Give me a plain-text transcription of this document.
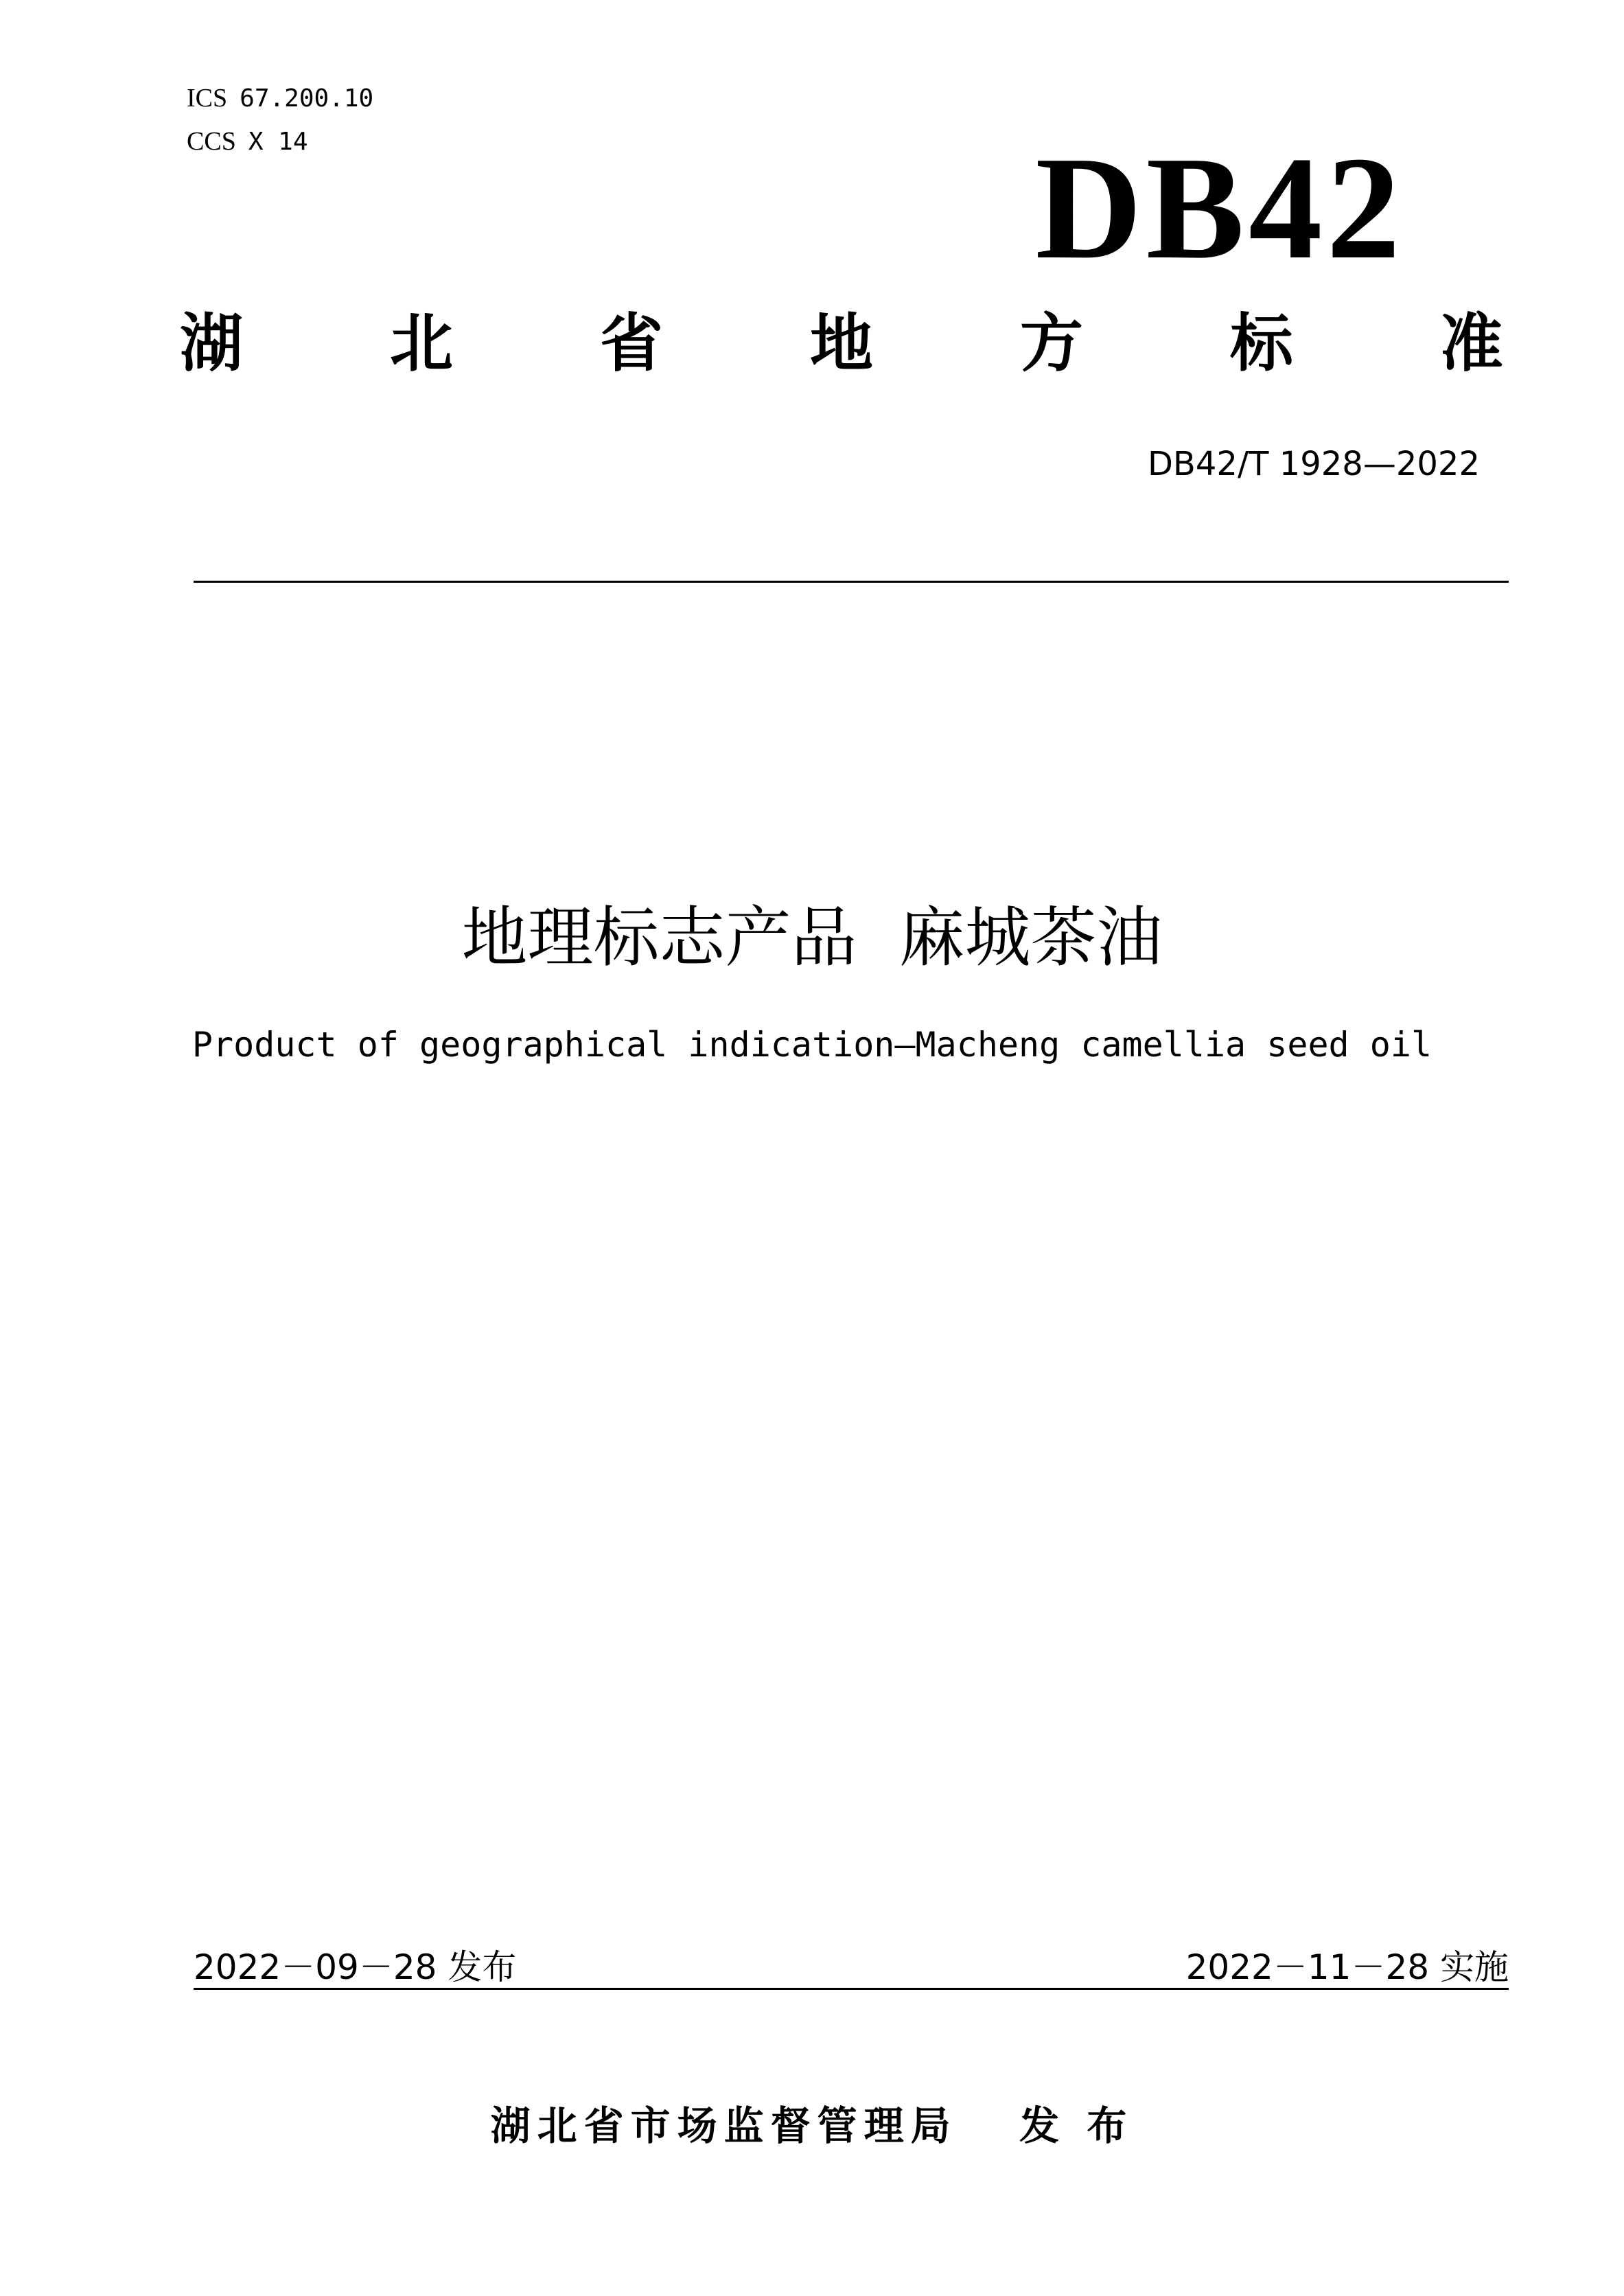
ICS 67.200.10
CCS X 14	DB42
湖 北 省 地 方 标 准
DB42/T 1928—2022
地理标志产品  麻城茶油
Product of geographical indication—Macheng camellia seed oil
2022－09－28 发布	2022－11－28 实施
湖北省市场监督管理局   发 布
